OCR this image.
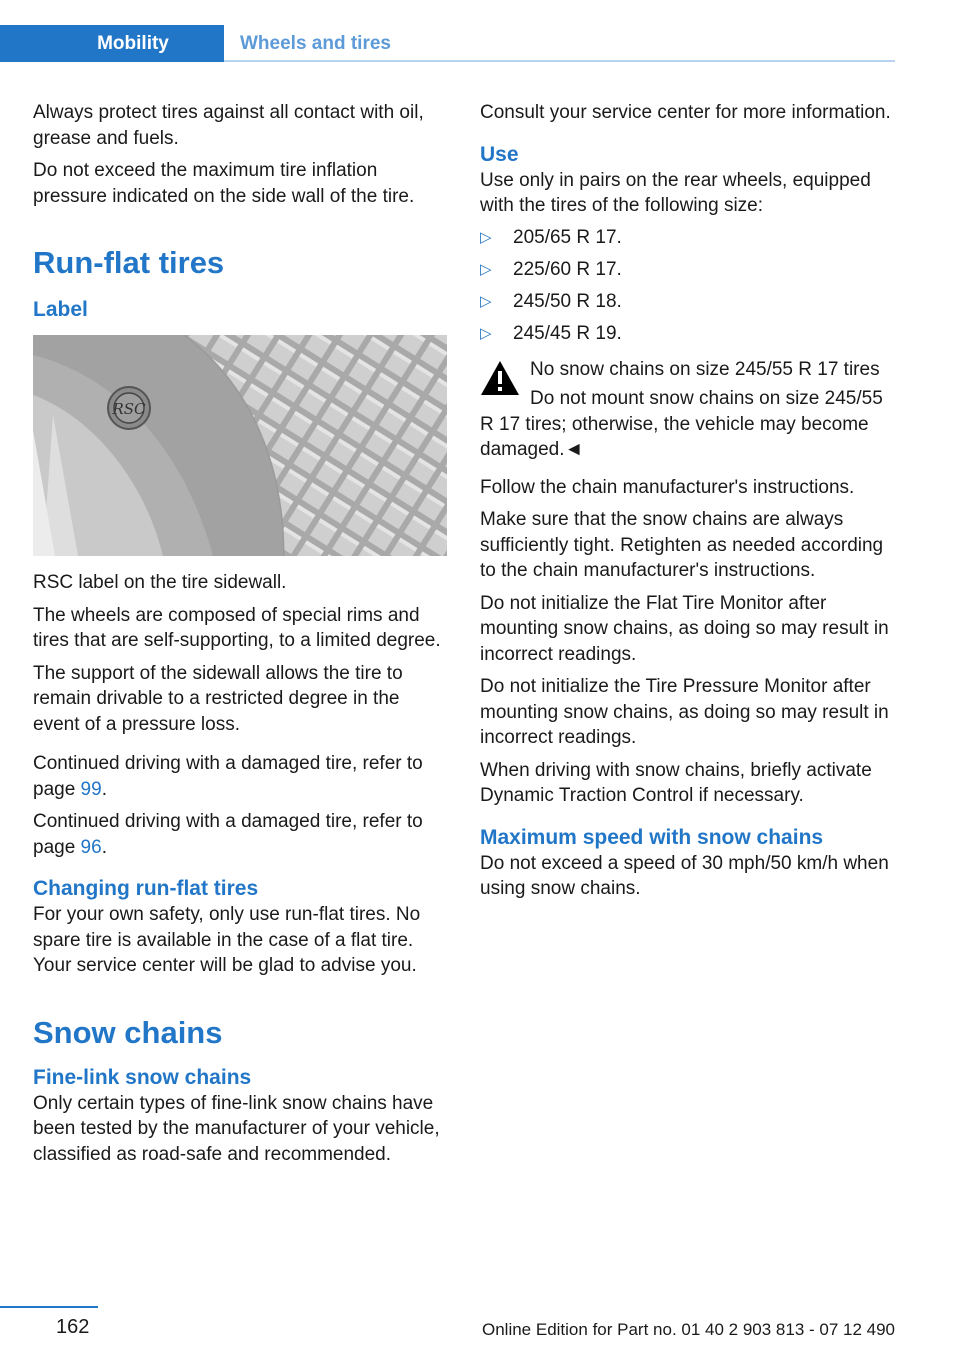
Mobility	Wheels and tires

Always protect tires against all contact with oil, grease and fuels.

Do not exceed the maximum tire inflation pressure indicated on the side wall of the tire.

Run-flat tires
Label
RSC

RSC label on the tire sidewall.

The wheels are composed of special rims and tires that are self-supporting, to a limited degree.

The support of the sidewall allows the tire to remain drivable to a restricted degree in the event of a pressure loss.

Continued driving with a damaged tire, refer to page 99.

Continued driving with a damaged tire, refer to page 96.

Changing run-flat tires

For your own safety, only use run-flat tires. No spare tire is available in the case of a flat tire. Your service center will be glad to advise you.

Snow chains
Fine-link snow chains

Only certain types of fine-link snow chains have been tested by the manufacturer of your vehicle, classified as road-safe and recommended.

Consult your service center for more information.

Use

Use only in pairs on the rear wheels, equipped with the tires of the following size:

▷	205/65 R 17.
▷	225/60 R 17.
▷	245/50 R 18.
▷	245/45 R 19.

No snow chains on size 245/55 R 17 tires

Do not mount snow chains on size 245/55 R 17 tires; otherwise, the vehicle may become damaged.◄

Follow the chain manufacturer's instructions.

Make sure that the snow chains are always sufficiently tight. Retighten as needed according to the chain manufacturer's instructions.

Do not initialize the Flat Tire Monitor after mounting snow chains, as doing so may result in incorrect readings.

Do not initialize the Tire Pressure Monitor after mounting snow chains, as doing so may result in incorrect readings.

When driving with snow chains, briefly activate Dynamic Traction Control if necessary.

Maximum speed with snow chains

Do not exceed a speed of 30 mph/50 km/h when using snow chains.

162	Online Edition for Part no. 01 40 2 903 813 - 07 12 490
